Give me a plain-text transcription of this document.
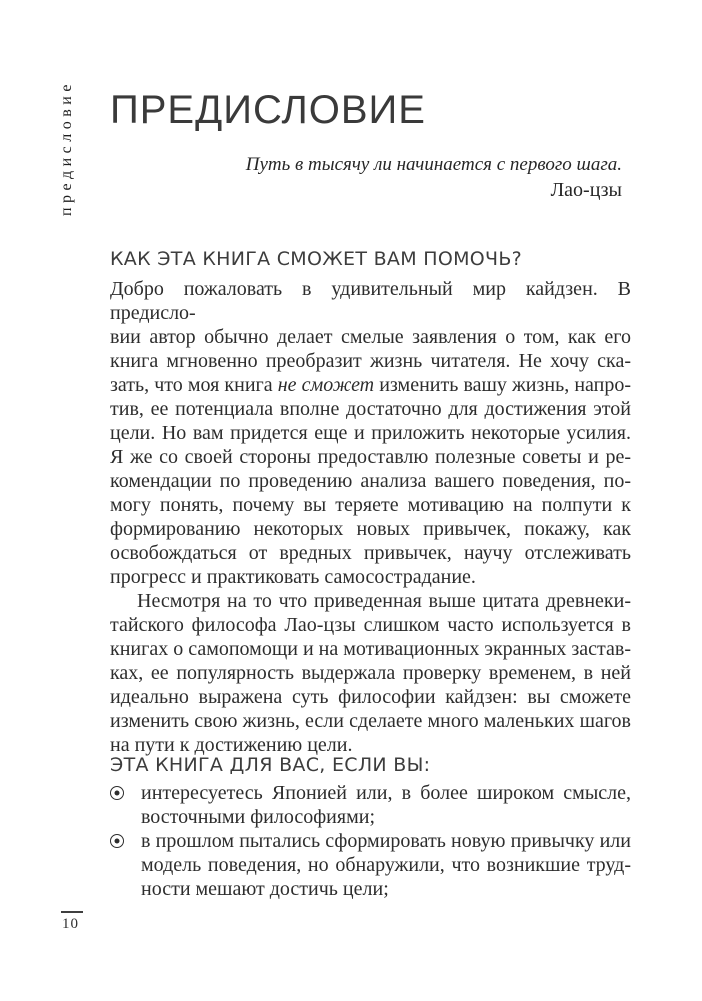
предисловие ПРЕДИСЛОВИЕ
Путь в тысячу ли начинается с первого шага.
Лао-цзы
КАК ЭТА КНИГА СМОЖЕТ ВАМ ПОМОЧЬ?
Добро пожаловать в удивительный мир кайдзен. В предисло-
вии автор обычно делает смелые заявления о том, как его
книга мгновенно преобразит жизнь читателя. Не хочу ска-
зать, что моя книга не сможет изменить вашу жизнь, напро-
тив, ее потенциала вполне достаточно для достижения этой
цели. Но вам придется еще и приложить некоторые усилия.
Я же со своей стороны предоставлю полезные советы и ре-
комендации по проведению анализа вашего поведения, по-
могу понять, почему вы теряете мотивацию на полпути к
формированию некоторых новых привычек, покажу, как
освобождаться от вредных привычек, научу отслеживать
прогресс и практиковать самосострадание.
Несмотря на то что приведенная выше цитата древнеки-
тайского философа Лао-цзы слишком часто используется в
книгах о самопомощи и на мотивационных экранных застав-
ках, ее популярность выдержала проверку временем, в ней
идеально выражена суть философии кайдзен: вы сможете
изменить свою жизнь, если сделаете много маленьких шагов
на пути к достижению цели.
ЭТА КНИГА ДЛЯ ВАС, ЕСЛИ ВЫ:
интересуетесь Японией или, в более широком смысле,
восточными философиями;
в прошлом пытались сформировать новую привычку или
модель поведения, но обнаружили, что возникшие труд-
ности мешают достичь цели;
10
